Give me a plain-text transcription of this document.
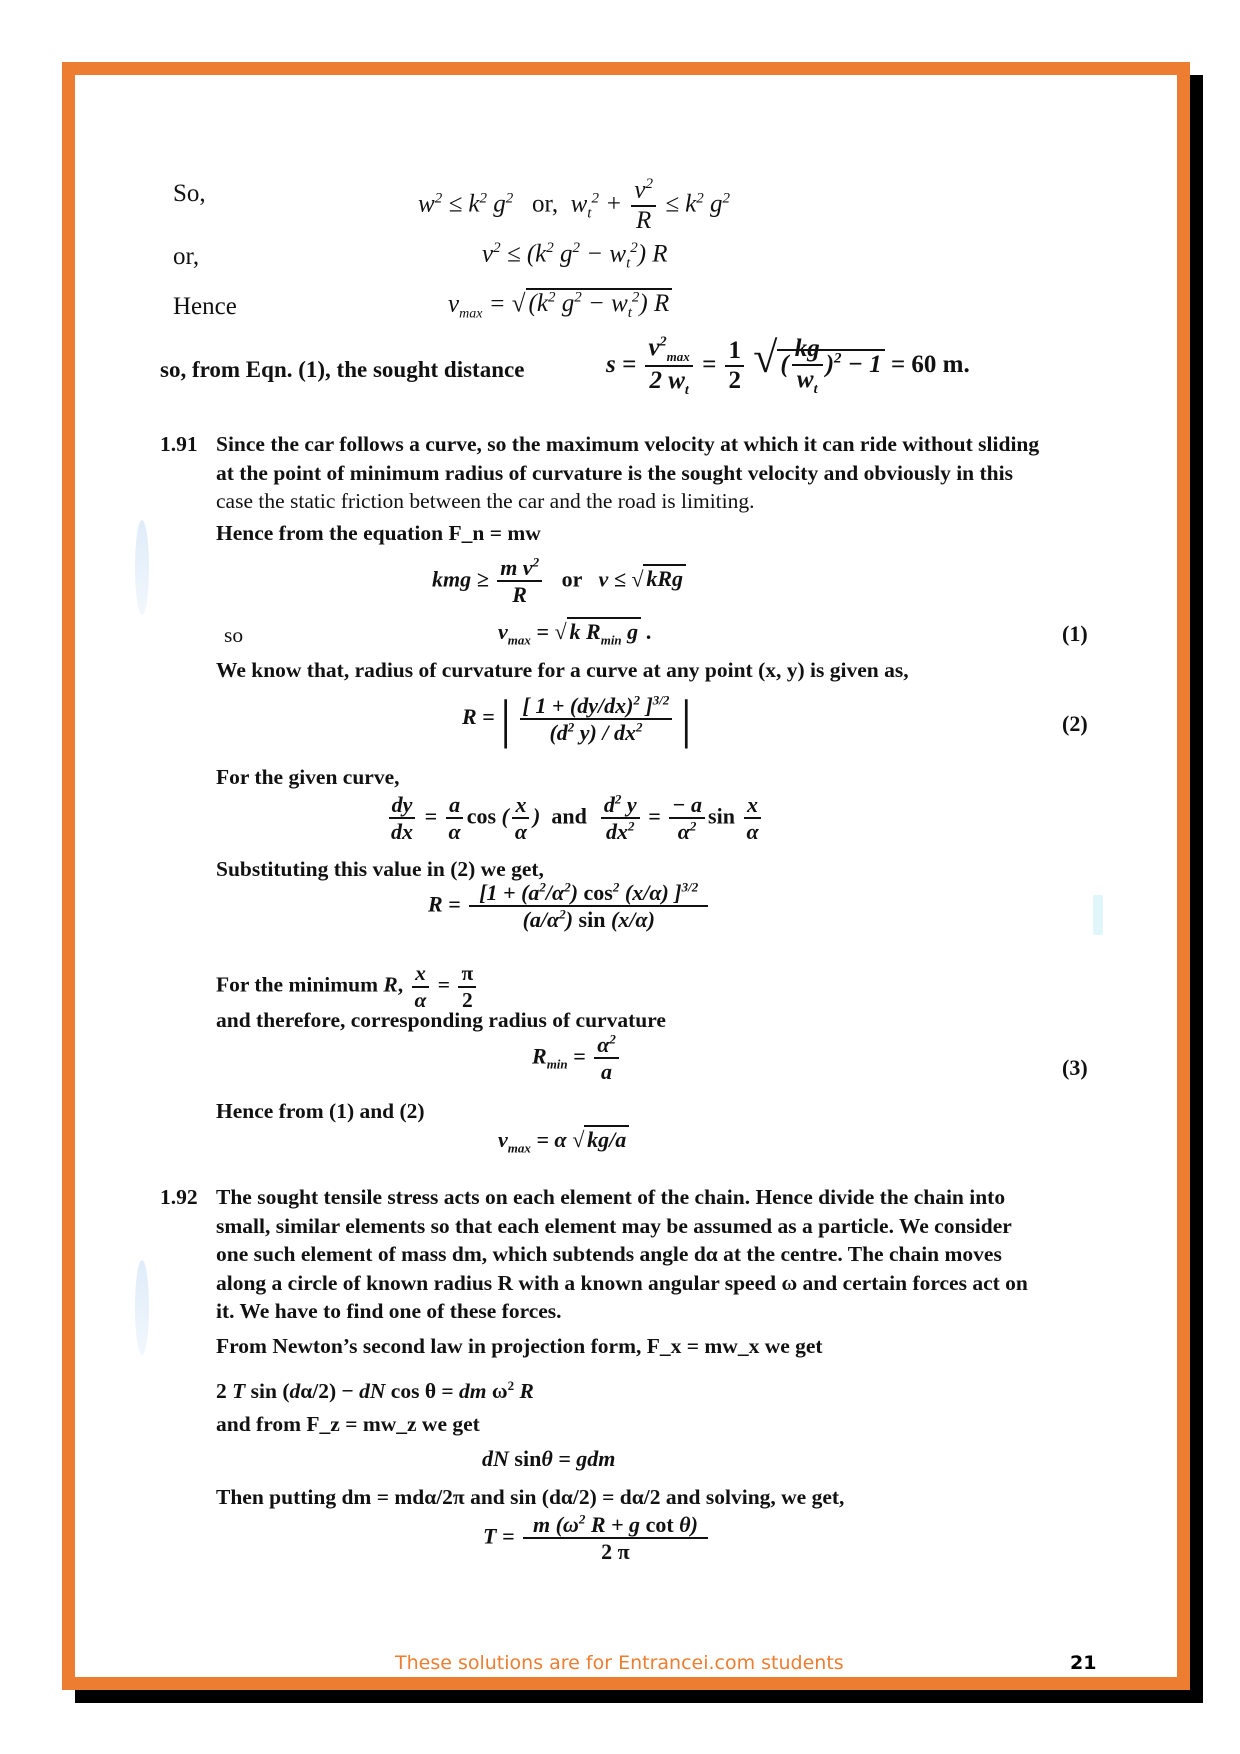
So,	$w^2 \le k^2$ $g^2$   or,  $w_t^2 + \frac{v^2}{R} \le k^2$ $g^2$
or,	$v^2 \le (k^2$ $g^2 - w_t^2$) R
Hence	$v_{max}$ = √ ($k^2$ $g^2 - w_t^2$) R
so, from Eqn. (1), the sought distance	$s = \frac{v^2_{max}}{2 w_t} = \frac{1}{2}$ √ ( $\frac{kg}{w_t} )^2 - 1 = 60$ m.
1.91 Since the car follows a curve, so the maximum velocity at which it can ride without sliding
at the point of minimum radius of curvature is the sought velocity and obviously in this
case the static friction between the car and the road is limiting.
Hence from the equation F_n = mw
kmg ≥ $\frac{m v^2}{R}$ or   v ≤ √ kRg
so	$v_{max}$ = √ k $R_{min}$ g .	(1)
We know that, radius of curvature for a curve at any point (x, y) is given as,
R = | $\frac{[ 1 + (dy/dx)^2 ]^{3/2}}{(d^2 y) / dx^2}$ |	(2)
For the given curve,
$\frac{dy}{dx} = \frac{a}{\alpha}$ cos ( $\frac{x}{\alpha}$ )  and $\frac{d^2 y}{dx^2} = \frac{- a}{\alpha^2}$ $\sin \frac{x}{\alpha}$
Substituting this value in (2) we get,
$R = \frac{[1 + (a^2/\alpha^2) \cos^2 (x/\alpha) ]^{3/2}}{(a/\alpha^2) \sin (x/\alpha)}$
For the minimum R, $\frac{x}{\alpha} = \frac{\pi}{2}$
and therefore, corresponding radius of curvature
$R_{min} = \frac{\alpha^2}{a}$	(3)
Hence from (1) and (2)
$v_{max} = \alpha$ √ kg/a
1.92 The sought tensile stress acts on each element of the chain. Hence divide the chain into
small, similar elements so that each element may be assumed as a particle. We consider
one such element of mass dm, which subtends angle dα at the centre. The chain moves
along a circle of known radius R with a known angular speed ω and certain forces act on
it. We have to find one of these forces.
From Newton’s second law in projection form, F_x = mw_x we get
2 T sin (dα/2) − dN cos θ = dm $\omega^2$ R
and from F_z = mw_z we get
dN sinθ = gdm
Then putting dm = mdα/2π and sin (dα/2) = dα/2 and solving, we get,
$T = \frac{m (\omega^2 R + g \cot \theta)}{2 \pi}$
These solutions are for Entrancei.com students	21
